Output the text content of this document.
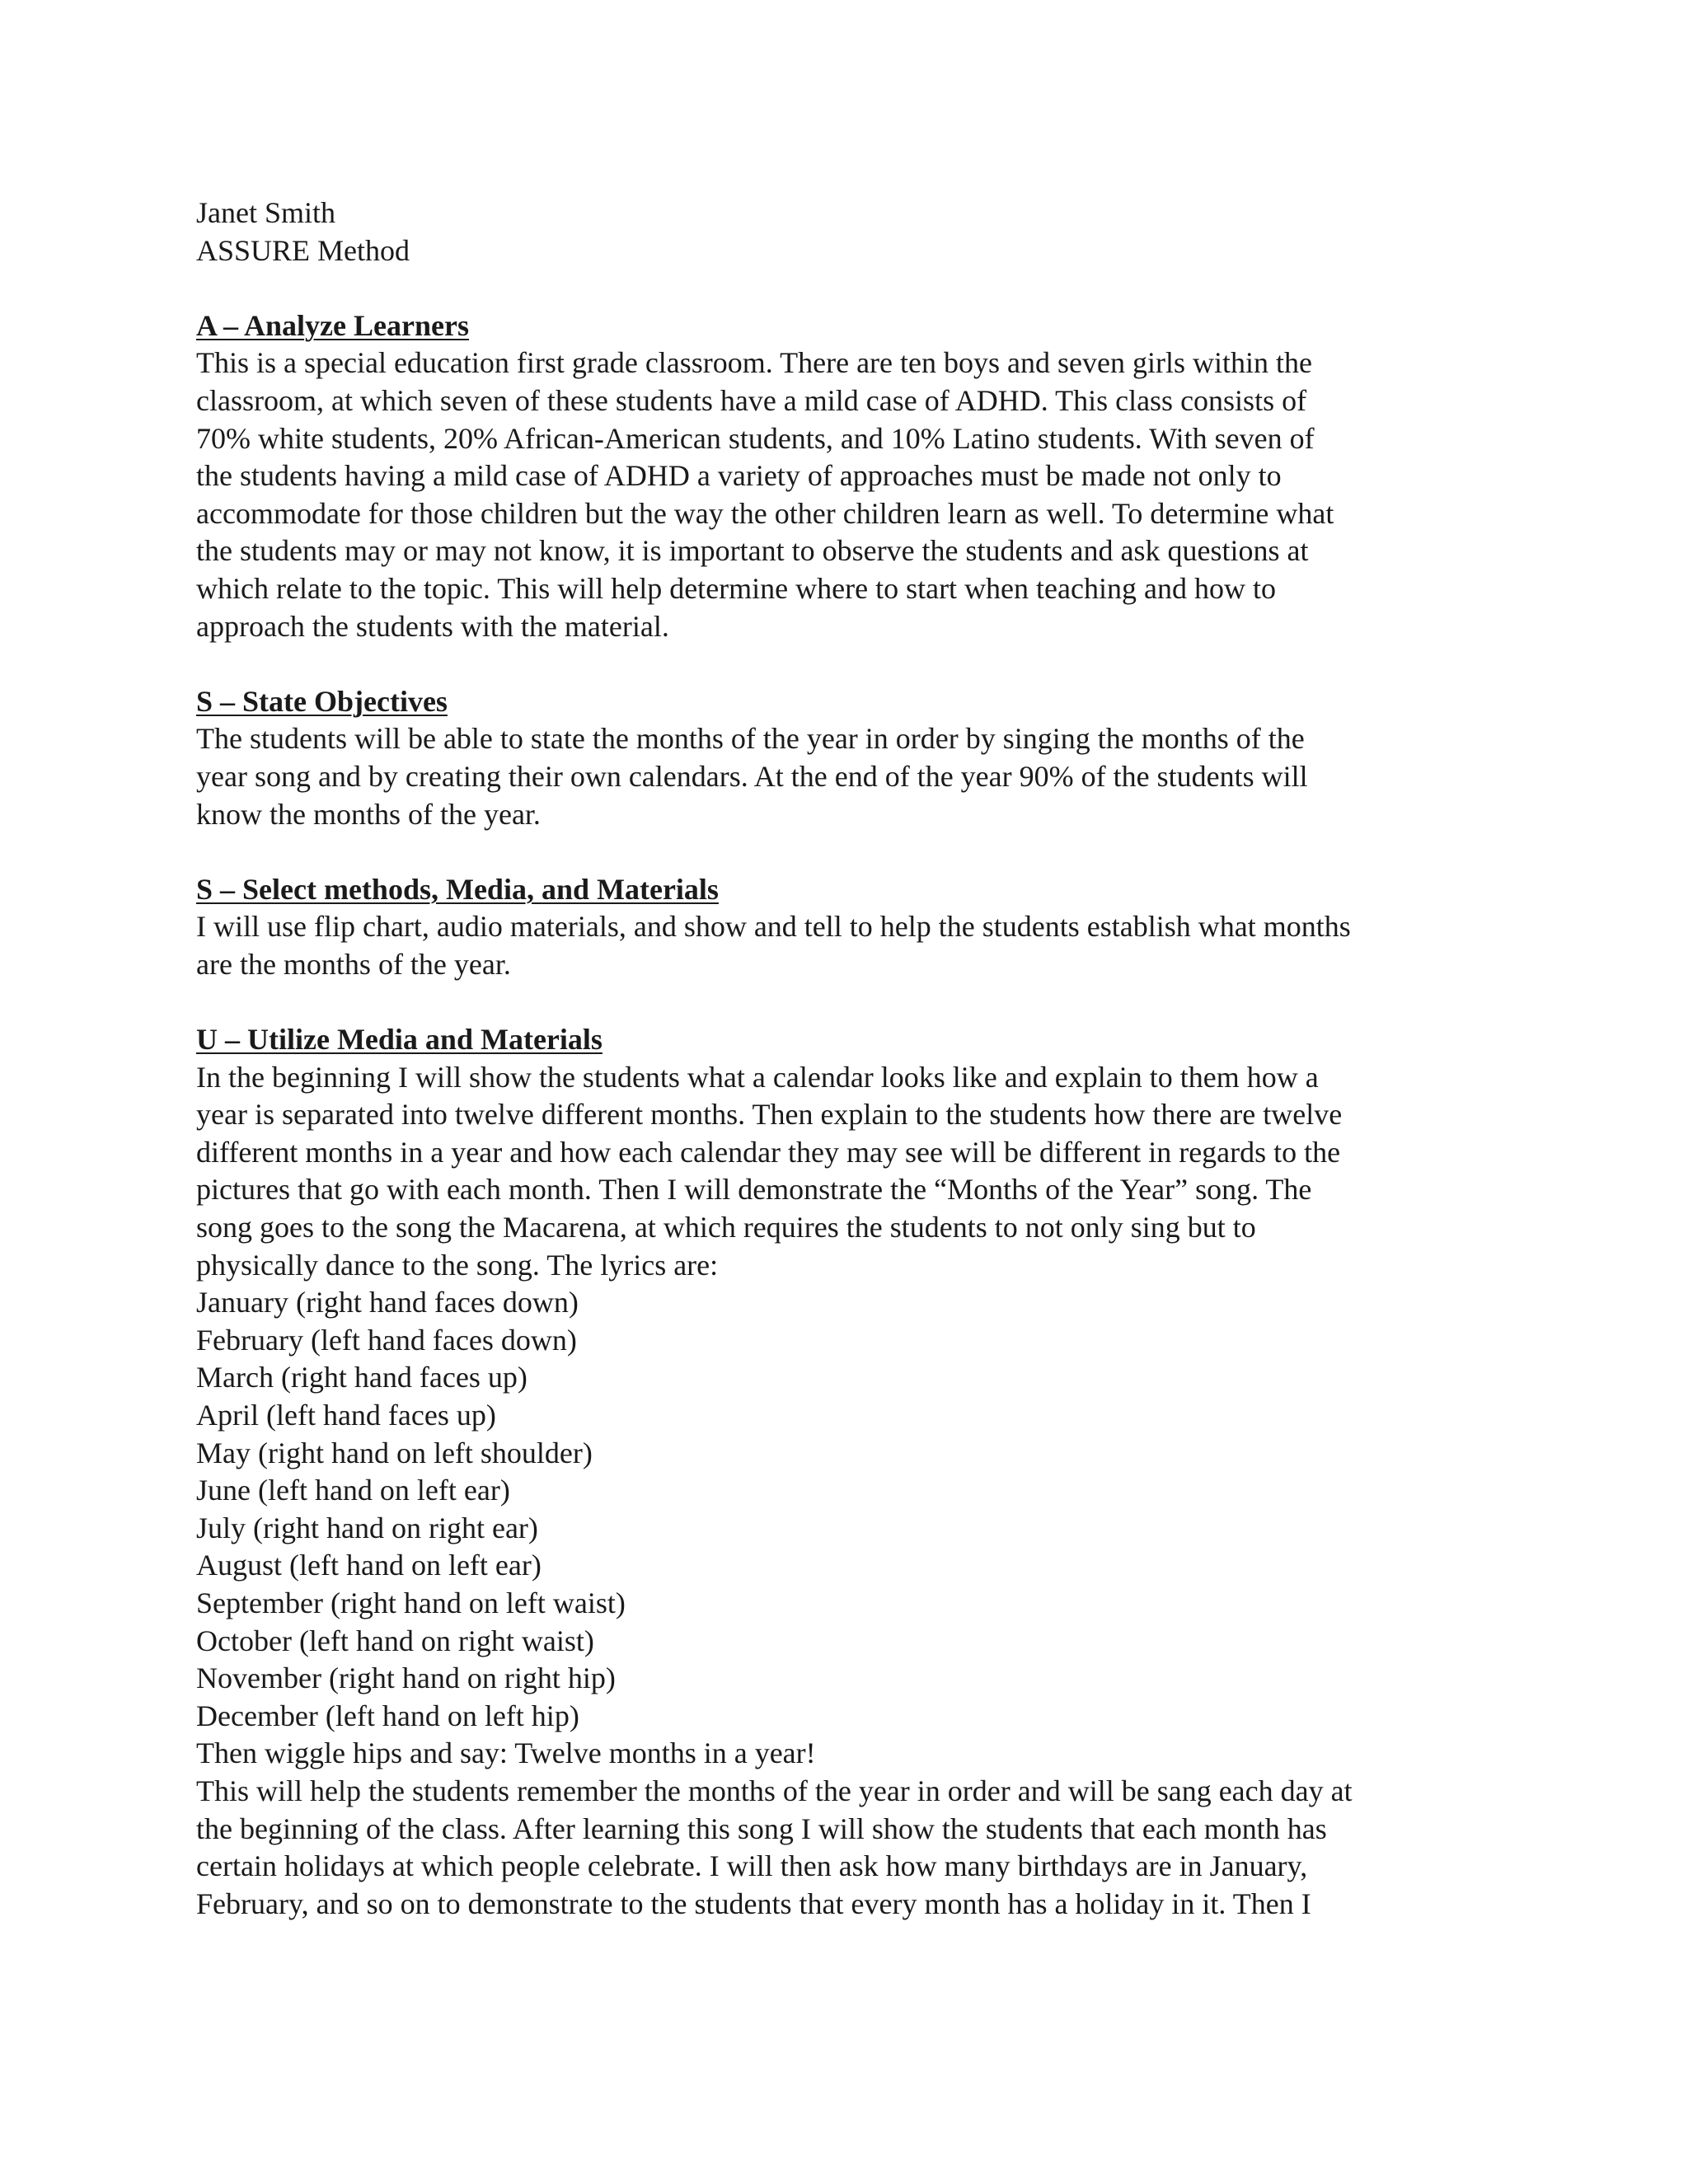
Janet Smith
ASSURE Method
A – Analyze Learners
This is a special education first grade classroom. There are ten boys and seven girls within the
classroom, at which seven of these students have a mild case of ADHD. This class consists of
70% white students, 20% African-American students, and 10% Latino students. With seven of
the students having a mild case of ADHD a variety of approaches must be made not only to
accommodate for those children but the way the other children learn as well. To determine what
the students may or may not know, it is important to observe the students and ask questions at
which relate to the topic. This will help determine where to start when teaching and how to
approach the students with the material.
S – State Objectives
The students will be able to state the months of the year in order by singing the months of the
year song and by creating their own calendars. At the end of the year 90% of the students will
know the months of the year.
S – Select methods, Media, and Materials
I will use flip chart, audio materials, and show and tell to help the students establish what months
are the months of the year.
U – Utilize Media and Materials
In the beginning I will show the students what a calendar looks like and explain to them how a
year is separated into twelve different months. Then explain to the students how there are twelve
different months in a year and how each calendar they may see will be different in regards to the
pictures that go with each month. Then I will demonstrate the “Months of the Year” song. The
song goes to the song the Macarena, at which requires the students to not only sing but to
physically dance to the song. The lyrics are:
January (right hand faces down)
February (left hand faces down)
March (right hand faces up)
April (left hand faces up)
May (right hand on left shoulder)
June (left hand on left ear)
July (right hand on right ear)
August (left hand on left ear)
September (right hand on left waist)
October (left hand on right waist)
November (right hand on right hip)
December (left hand on left hip)
Then wiggle hips and say: Twelve months in a year!
This will help the students remember the months of the year in order and will be sang each day at
the beginning of the class. After learning this song I will show the students that each month has
certain holidays at which people celebrate. I will then ask how many birthdays are in January,
February, and so on to demonstrate to the students that every month has a holiday in it. Then I
